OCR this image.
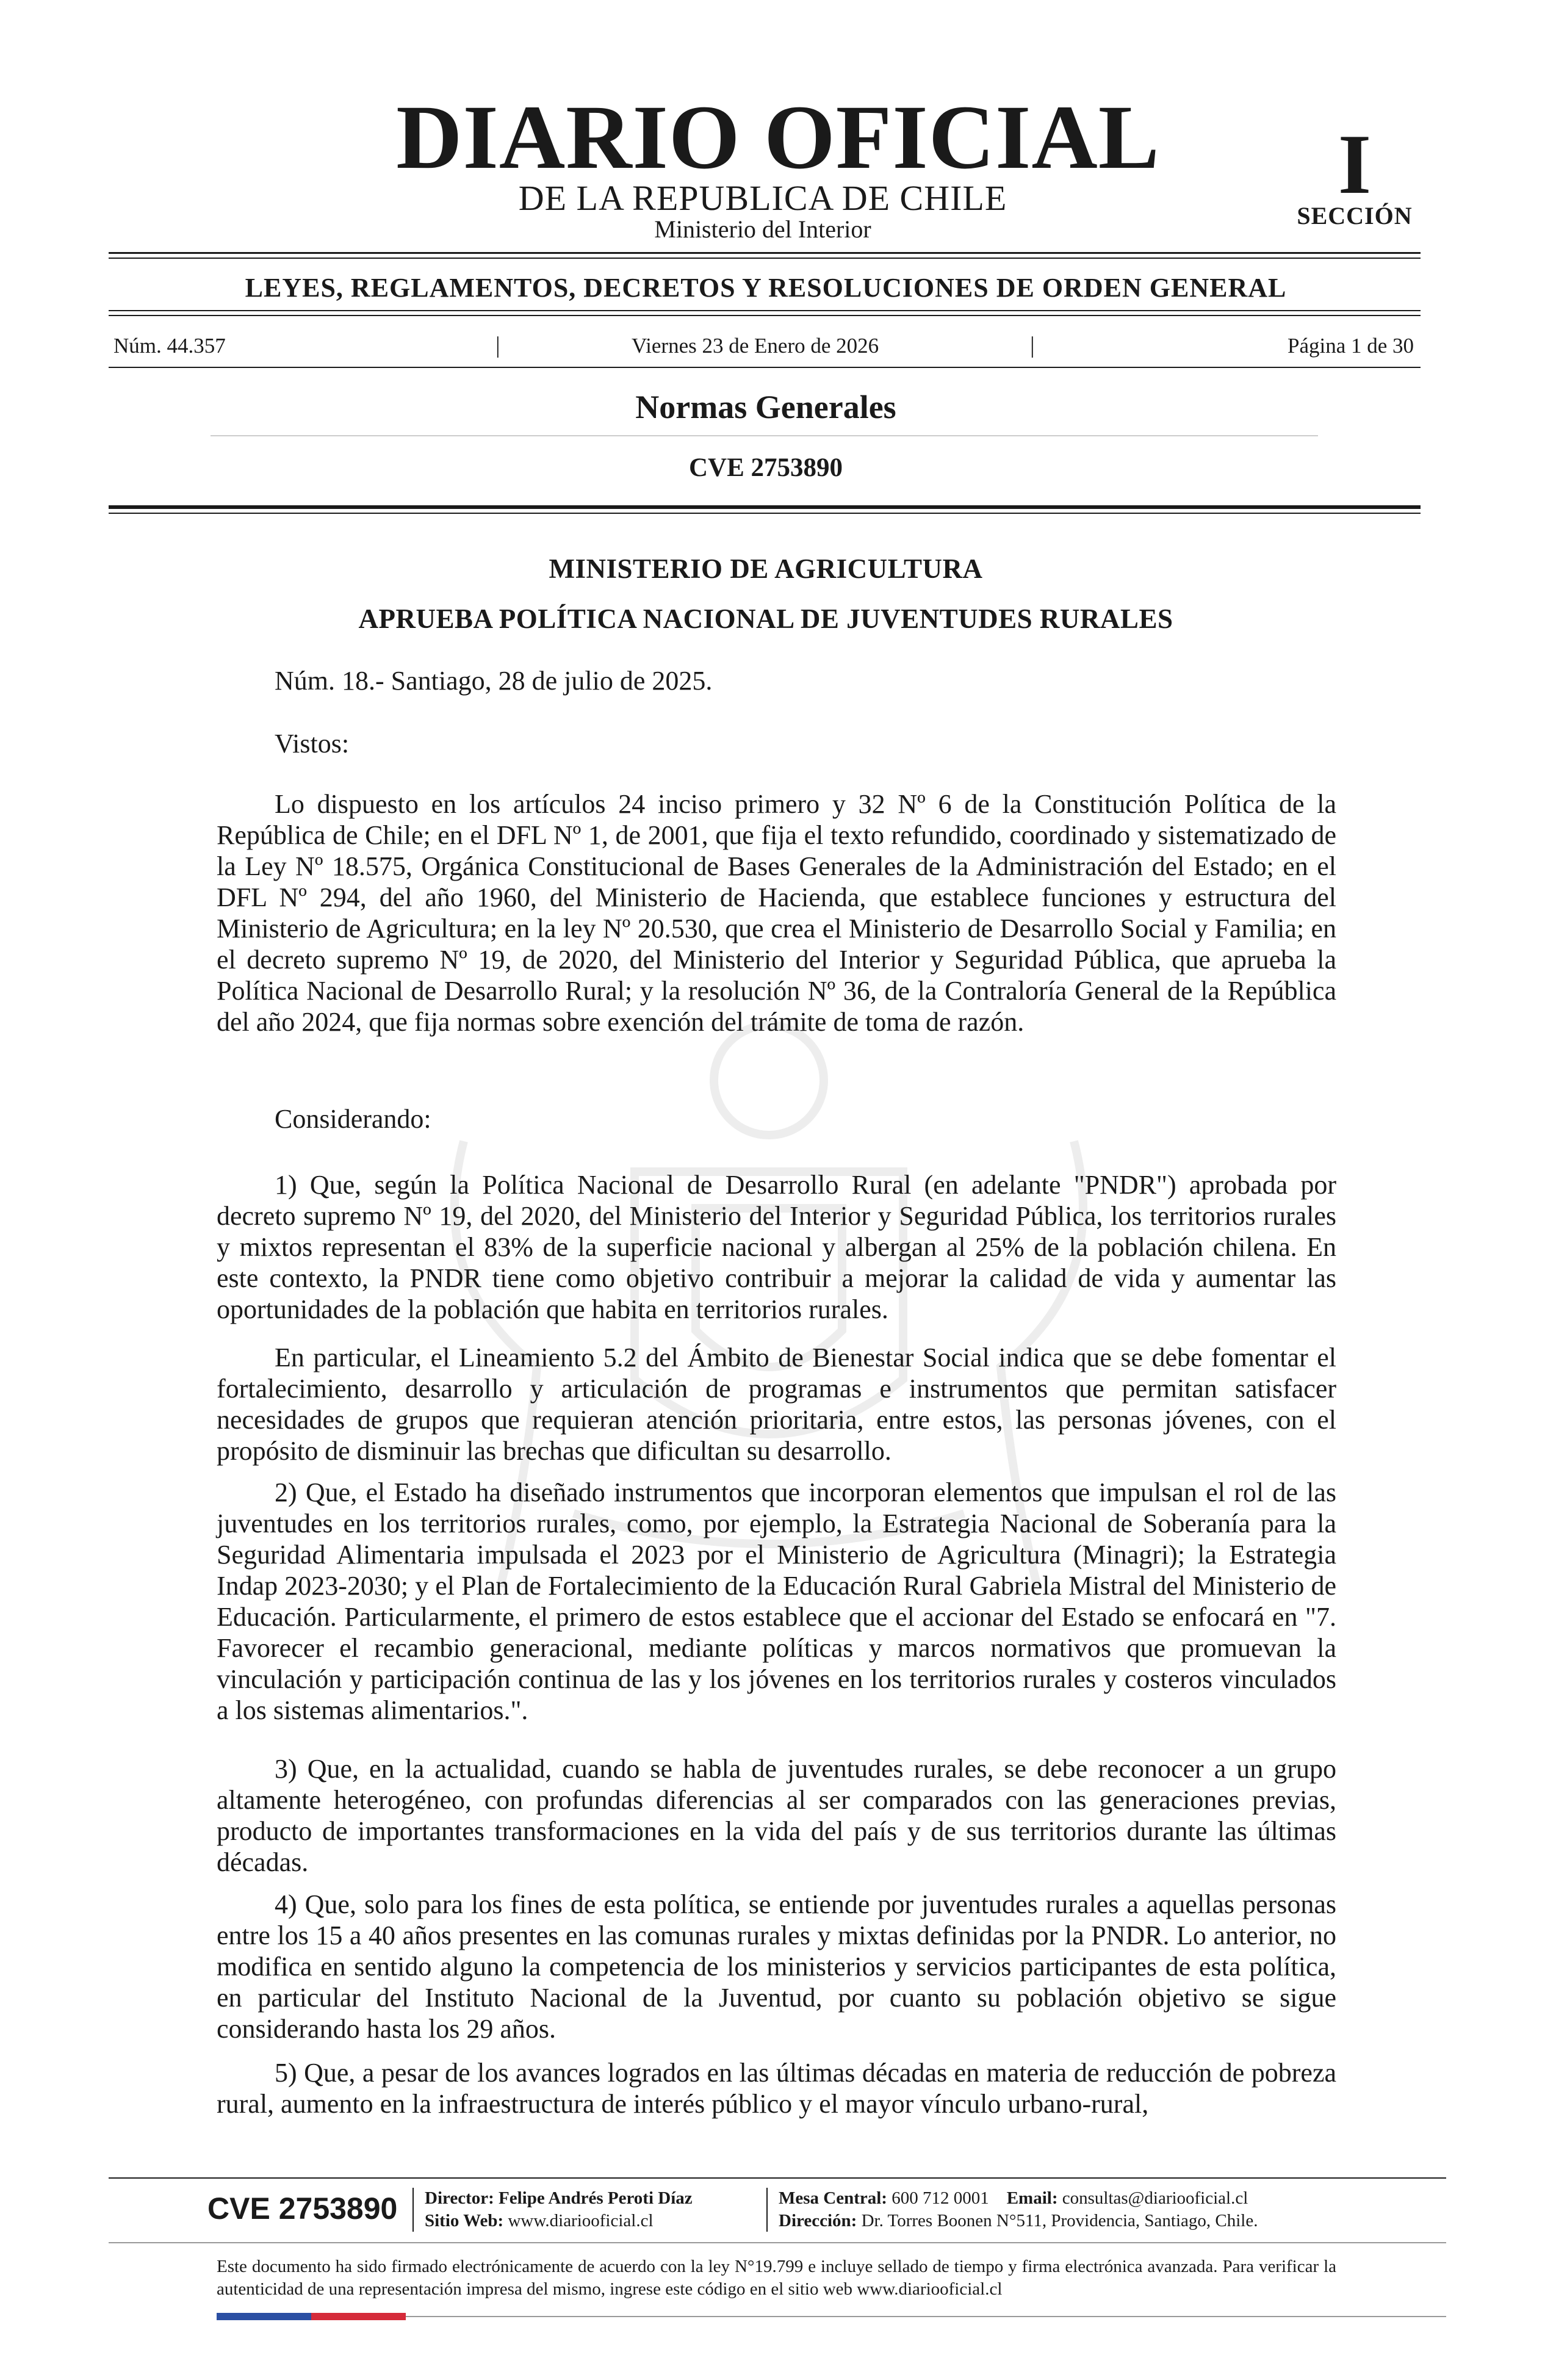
DIARIO OFICIAL
DE LA REPUBLICA DE CHILE
Ministerio del Interior
I
SECCIÓN
LEYES, REGLAMENTOS, DECRETOS Y RESOLUCIONES DE ORDEN GENERAL
Núm. 44.357	|	Viernes 23 de Enero de 2026	|	Página 1 de 30
Normas Generales
CVE 2753890
MINISTERIO DE AGRICULTURA
APRUEBA POLÍTICA NACIONAL DE JUVENTUDES RURALES
Núm. 18.- Santiago, 28 de julio de 2025.
Vistos:
Lo dispuesto en los artículos 24 inciso primero y 32 Nº 6 de la Constitución Política de la República de Chile; en el DFL Nº 1, de 2001, que fija el texto refundido, coordinado y sistematizado de la Ley Nº 18.575, Orgánica Constitucional de Bases Generales de la Administración del Estado; en el DFL Nº 294, del año 1960, del Ministerio de Hacienda, que establece funciones y estructura del Ministerio de Agricultura; en la ley Nº 20.530, que crea el Ministerio de Desarrollo Social y Familia; en el decreto supremo Nº 19, de 2020, del Ministerio del Interior y Seguridad Pública, que aprueba la Política Nacional de Desarrollo Rural; y la resolución Nº 36, de la Contraloría General de la República del año 2024, que fija normas sobre exención del trámite de toma de razón.
Considerando:
1) Que, según la Política Nacional de Desarrollo Rural (en adelante "PNDR") aprobada por decreto supremo Nº 19, del 2020, del Ministerio del Interior y Seguridad Pública, los territorios rurales y mixtos representan el 83% de la superficie nacional y albergan al 25% de la población chilena. En este contexto, la PNDR tiene como objetivo contribuir a mejorar la calidad de vida y aumentar las oportunidades de la población que habita en territorios rurales.
En particular, el Lineamiento 5.2 del Ámbito de Bienestar Social indica que se debe fomentar el fortalecimiento, desarrollo y articulación de programas e instrumentos que permitan satisfacer necesidades de grupos que requieran atención prioritaria, entre estos, las personas jóvenes, con el propósito de disminuir las brechas que dificultan su desarrollo.
2) Que, el Estado ha diseñado instrumentos que incorporan elementos que impulsan el rol de las juventudes en los territorios rurales, como, por ejemplo, la Estrategia Nacional de Soberanía para la Seguridad Alimentaria impulsada el 2023 por el Ministerio de Agricultura (Minagri); la Estrategia Indap 2023-2030; y el Plan de Fortalecimiento de la Educación Rural Gabriela Mistral del Ministerio de Educación. Particularmente, el primero de estos establece que el accionar del Estado se enfocará en "7. Favorecer el recambio generacional, mediante políticas y marcos normativos que promuevan la vinculación y participación continua de las y los jóvenes en los territorios rurales y costeros vinculados a los sistemas alimentarios.".
3) Que, en la actualidad, cuando se habla de juventudes rurales, se debe reconocer a un grupo altamente heterogéneo, con profundas diferencias al ser comparados con las generaciones previas, producto de importantes transformaciones en la vida del país y de sus territorios durante las últimas décadas.
4) Que, solo para los fines de esta política, se entiende por juventudes rurales a aquellas personas entre los 15 a 40 años presentes en las comunas rurales y mixtas definidas por la PNDR. Lo anterior, no modifica en sentido alguno la competencia de los ministerios y servicios participantes de esta política, en particular del Instituto Nacional de la Juventud, por cuanto su población objetivo se sigue considerando hasta los 29 años.
5) Que, a pesar de los avances logrados en las últimas décadas en materia de reducción de pobreza rural, aumento en la infraestructura de interés público y el mayor vínculo urbano-rural,
CVE 2753890 Director: Felipe Andrés Peroti Díaz
Sitio Web: www.diariooficial.cl
Mesa Central: 600 712 0001 Email: consultas@diariooficial.cl
Dirección: Dr. Torres Boonen N°511, Providencia, Santiago, Chile.
Este documento ha sido firmado electrónicamente de acuerdo con la ley N°19.799 e incluye sellado de tiempo y firma electrónica avanzada. Para verificar la autenticidad de una representación impresa del mismo, ingrese este código en el sitio web www.diariooficial.cl
